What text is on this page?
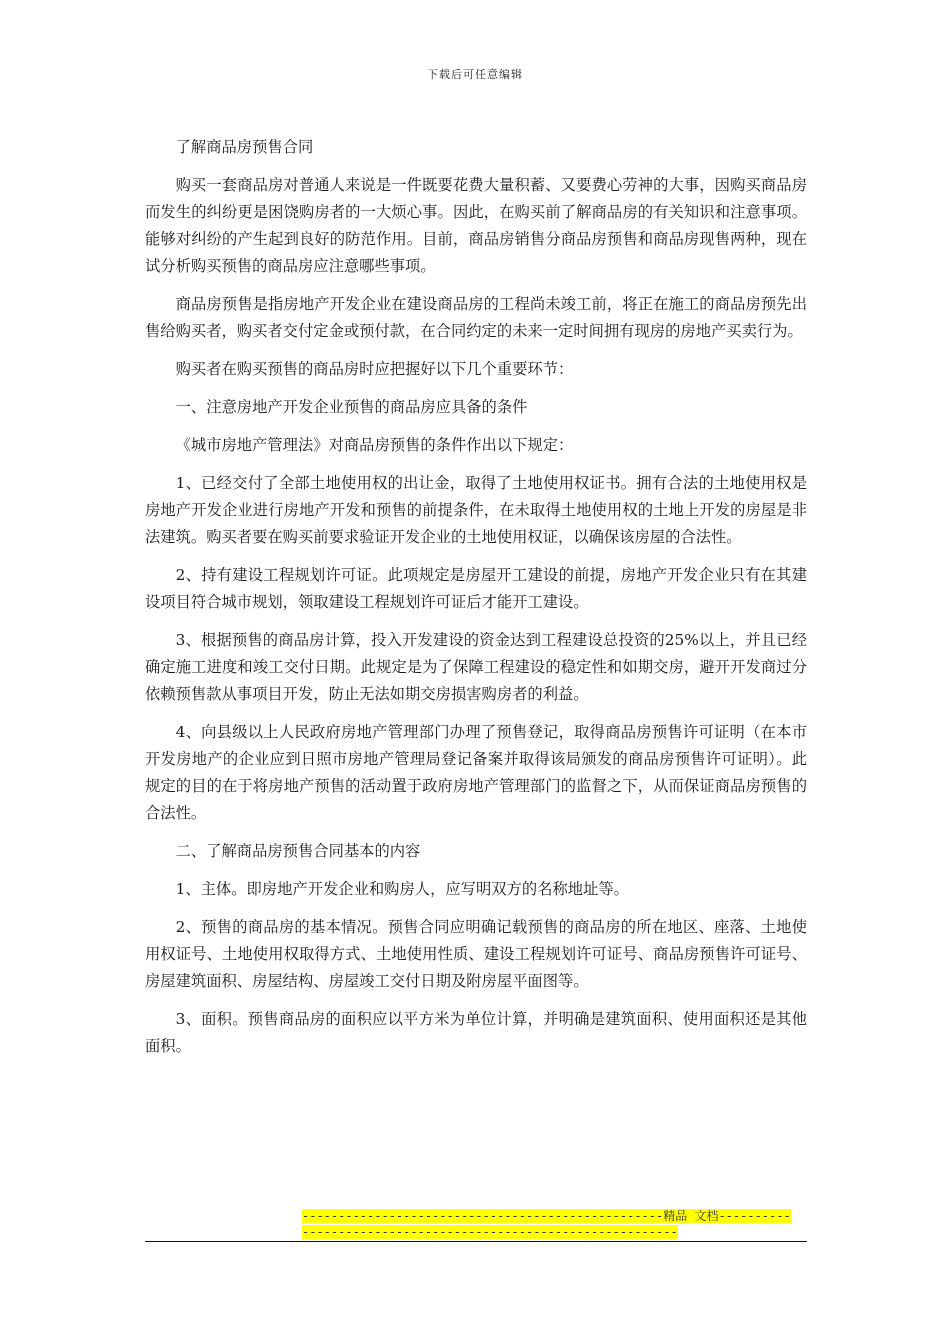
下载后可任意编辑

了解商品房预售合同

购买一套商品房对普通人来说是一件既要花费大量积蓄、又要费心劳神的大事，因购买商品房而发生的纠纷更是困饶购房者的一大烦心事。因此，在购买前了解商品房的有关知识和注意事项。能够对纠纷的产生起到良好的防范作用。目前，商品房销售分商品房预售和商品房现售两种，现在试分析购买预售的商品房应注意哪些事项。

商品房预售是指房地产开发企业在建设商品房的工程尚未竣工前，将正在施工的商品房预先出售给购买者，购买者交付定金或预付款，在合同约定的未来一定时间拥有现房的房地产买卖行为。

购买者在购买预售的商品房时应把握好以下几个重要环节：

一、注意房地产开发企业预售的商品房应具备的条件

《城市房地产管理法》对商品房预售的条件作出以下规定：

1、已经交付了全部土地使用权的出让金，取得了土地使用权证书。拥有合法的土地使用权是房地产开发企业进行房地产开发和预售的前提条件，在未取得土地使用权的土地上开发的房屋是非法建筑。购买者要在购买前要求验证开发企业的土地使用权证，以确保该房屋的合法性。

2、持有建设工程规划许可证。此项规定是房屋开工建设的前提，房地产开发企业只有在其建设项目符合城市规划，领取建设工程规划许可证后才能开工建设。

3、根据预售的商品房计算，投入开发建设的资金达到工程建设总投资的25%以上，并且已经确定施工进度和竣工交付日期。此规定是为了保障工程建设的稳定性和如期交房，避开开发商过分依赖预售款从事项目开发，防止无法如期交房损害购房者的利益。

4、向县级以上人民政府房地产管理部门办理了预售登记，取得商品房预售许可证明（在本市开发房地产的企业应到日照市房地产管理局登记备案并取得该局颁发的商品房预售许可证明）。此规定的目的在于将房地产预售的活动置于政府房地产管理部门的监督之下，从而保证商品房预售的合法性。

二、了解商品房预售合同基本的内容

1、主体。即房地产开发企业和购房人，应写明双方的名称地址等。

2、预售的商品房的基本情况。预售合同应明确记载预售的商品房的所在地区、座落、土地使用权证号、土地使用权取得方式、土地使用性质、建设工程规划许可证号、商品房预售许可证号、房屋建筑面积、房屋结构、房屋竣工交付日期及附房屋平面图等。

3、面积。预售商品房的面积应以平方米为单位计算，并明确是建筑面积、使用面积还是其他面积。

--------------------------------------------------精品 文档--------------------------------------------------------------
